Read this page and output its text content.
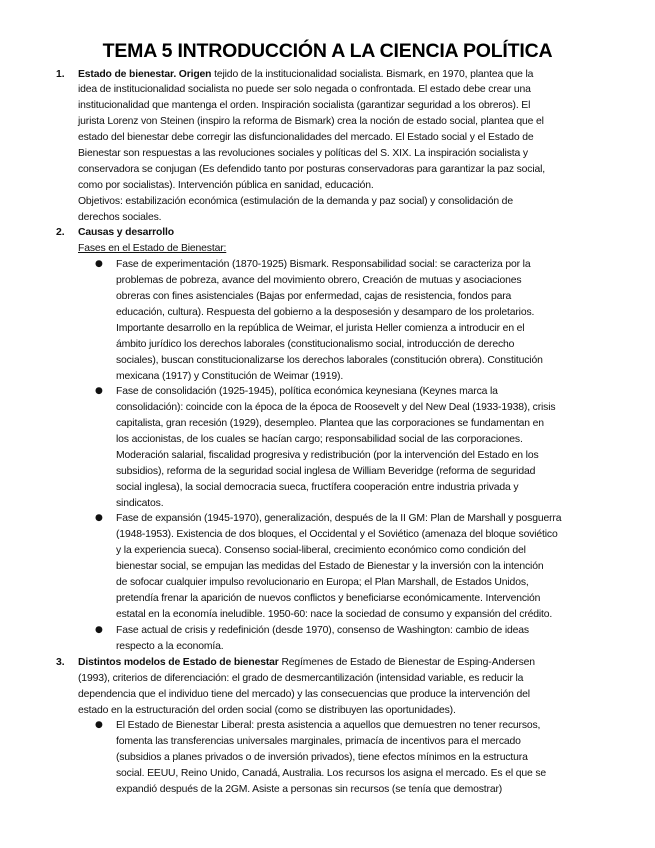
TEMA 5 INTRODUCCIÓN A LA CIENCIA POLÍTICA
1.	Estado de bienestar. Origen tejido de la institucionalidad socialista. Bismark, en 1970, plantea que la
idea de institucionalidad socialista no puede ser solo negada o confrontada. El estado debe crear una
institucionalidad que mantenga el orden. Inspiración socialista (garantizar seguridad a los obreros). El
jurista Lorenz von Steinen (inspiro la reforma de Bismark) crea la noción de estado social, plantea que el
estado del bienestar debe corregir las disfuncionalidades del mercado. El Estado social y el Estado de
Bienestar son respuestas a las revoluciones sociales y políticas del S. XIX. La inspiración socialista y
conservadora se conjugan (Es defendido tanto por posturas conservadoras para garantizar la paz social,
como por socialistas). Intervención pública en sanidad, educación.
Objetivos: estabilización económica (estimulación de la demanda y paz social) y consolidación de
derechos sociales.
2.	Causas y desarrollo
Fases en el Estado de Bienestar:
● Fase de experimentación (1870-1925) Bismark. Responsabilidad social: se caracteriza por la
problemas de pobreza, avance del movimiento obrero, Creación de mutuas y asociaciones
obreras con fines asistenciales (Bajas por enfermedad, cajas de resistencia, fondos para
educación, cultura). Respuesta del gobierno a la desposesión y desamparo de los proletarios.
Importante desarrollo en la república de Weimar, el jurista Heller comienza a introducir en el
ámbito jurídico los derechos laborales (constitucionalismo social, introducción de derecho
sociales), buscan constitucionalizarse los derechos laborales (constitución obrera). Constitución
mexicana (1917) y Constitución de Weimar (1919).
● Fase de consolidación (1925-1945), política económica keynesiana (Keynes marca la
consolidación): coincide con la época de la época de Roosevelt y del New Deal (1933-1938), crisis
capitalista, gran recesión (1929), desempleo. Plantea que las corporaciones se fundamentan en
los accionistas, de los cuales se hacían cargo; responsabilidad social de las corporaciones.
Moderación salarial, fiscalidad progresiva y redistribución (por la intervención del Estado en los
subsidios), reforma de la seguridad social inglesa de William Beveridge (reforma de seguridad
social inglesa), la social democracia sueca, fructífera cooperación entre industria privada y
sindicatos.
● Fase de expansión (1945-1970), generalización, después de la II GM: Plan de Marshall y posguerra
(1948-1953). Existencia de dos bloques, el Occidental y el Soviético (amenaza del bloque soviético
y la experiencia sueca). Consenso social-liberal, crecimiento económico como condición del
bienestar social, se empujan las medidas del Estado de Bienestar y la inversión con la intención
de sofocar cualquier impulso revolucionario en Europa; el Plan Marshall, de Estados Unidos,
pretendía frenar la aparición de nuevos conflictos y beneficiarse económicamente. Intervención
estatal en la economía ineludible. 1950-60: nace la sociedad de consumo y expansión del crédito.
● Fase actual de crisis y redefinición (desde 1970), consenso de Washington: cambio de ideas
respecto a la economía.
3.	Distintos modelos de Estado de bienestar Regímenes de Estado de Bienestar de Esping-Andersen
(1993), criterios de diferenciación: el grado de desmercantilización (intensidad variable, es reducir la
dependencia que el individuo tiene del mercado) y las consecuencias que produce la intervención del
estado en la estructuración del orden social (como se distribuyen las oportunidades).
● El Estado de Bienestar Liberal: presta asistencia a aquellos que demuestren no tener recursos,
fomenta las transferencias universales marginales, primacía de incentivos para el mercado
(subsidios a planes privados o de inversión privados), tiene efectos mínimos en la estructura
social. EEUU, Reino Unido, Canadá, Australia. Los recursos los asigna el mercado. Es el que se
expandió después de la 2GM. Asiste a personas sin recursos (se tenía que demostrar)
